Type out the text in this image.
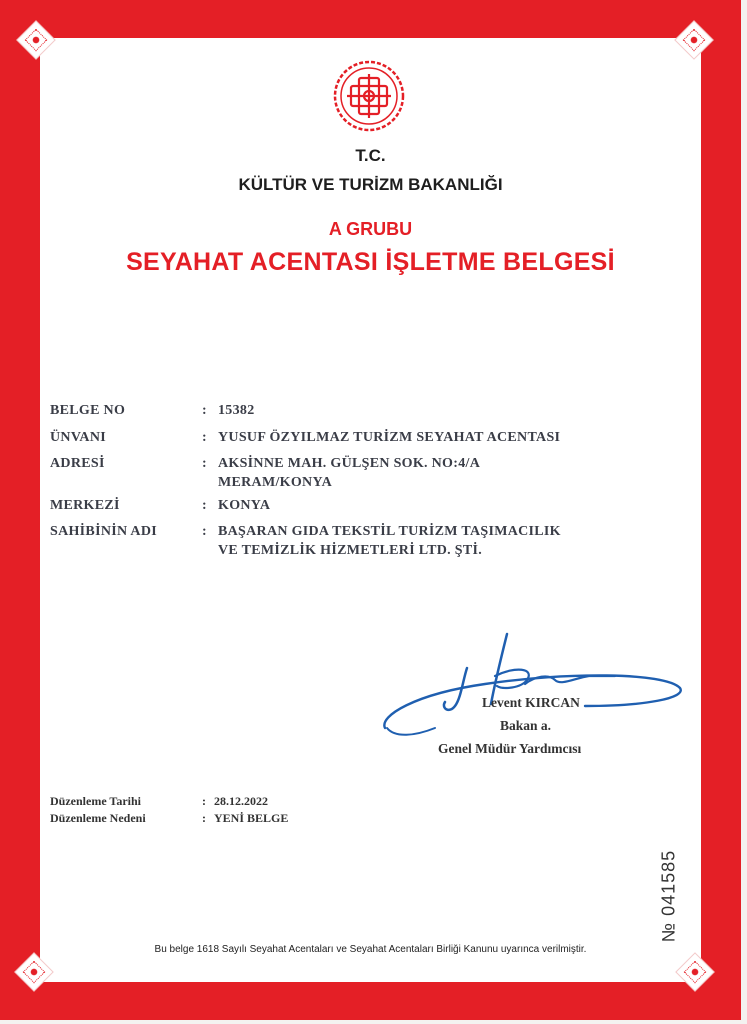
T.C.
KÜLTÜR VE TURİZM BAKANLIĞI
A GRUBU
SEYAHAT ACENTASI İŞLETME BELGESİ
BELGE NO	: 15382
ÜNVANI	: YUSUF ÖZYILMAZ TURİZM SEYAHAT ACENTASI
ADRESİ	: AKSİNNE MAH. GÜLŞEN SOK. NO:4/A
MERAM/KONYA
MERKEZİ	: KONYA
SAHİBİNİN ADI	: BAŞARAN GIDA TEKSTİL TURİZM TAŞIMACILIK
VE TEMİZLİK HİZMETLERİ LTD. ŞTİ.
Levent KIRCAN
Bakan a.
Genel Müdür Yardımcısı
Düzenleme Tarihi	: 28.12.2022
Düzenleme Nedeni	: YENİ BELGE
№ 041585
Bu belge 1618 Sayılı Seyahat Acentaları ve Seyahat Acentaları Birliği Kanunu uyarınca verilmiştir.
